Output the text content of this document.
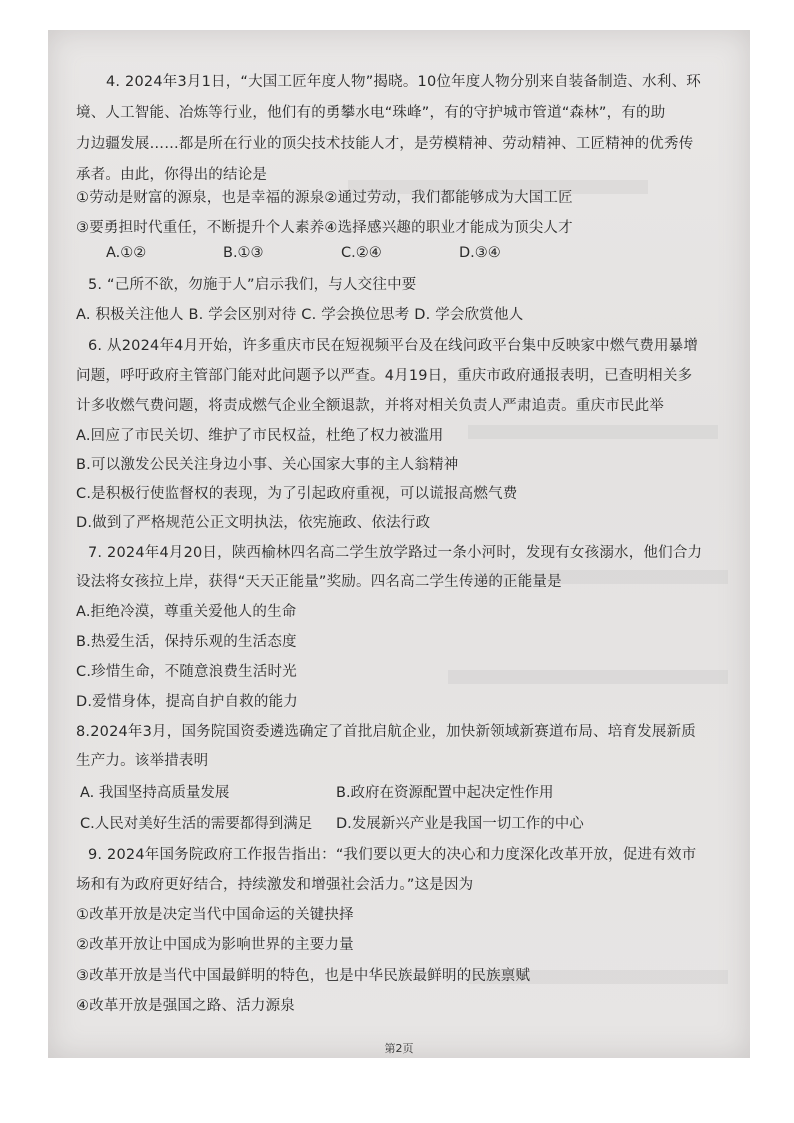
4. 2024年3月1日，“大国工匠年度人物”揭晓。10位年度人物分别来自装备制造、水利、环
境、人工智能、冶炼等行业，他们有的勇攀水电“珠峰”，有的守护城市管道“森林”，有的助
力边疆发展……都是所在行业的顶尖技术技能人才，是劳模精神、劳动精神、工匠精神的优秀传
承者。由此，你得出的结论是
①劳动是财富的源泉，也是幸福的源泉②通过劳动，我们都能够成为大国工匠
③要勇担时代重任，不断提升个人素养④选择感兴趣的职业才能成为顶尖人才
A.①②	B.①③	C.②④	D.③④
5. “己所不欲，勿施于人”启示我们，与人交往中要
A. 积极关注他人 B. 学会区别对待 C. 学会换位思考 D. 学会欣赏他人
6. 从2024年4月开始，许多重庆市民在短视频平台及在线问政平台集中反映家中燃气费用暴增
问题，呼吁政府主管部门能对此问题予以严查。4月19日，重庆市政府通报表明，已查明相关多
计多收燃气费问题，将责成燃气企业全额退款，并将对相关负责人严肃追责。重庆市民此举
A.回应了市民关切、维护了市民权益，杜绝了权力被滥用
B.可以激发公民关注身边小事、关心国家大事的主人翁精神
C.是积极行使监督权的表现，为了引起政府重视，可以谎报高燃气费
D.做到了严格规范公正文明执法，依宪施政、依法行政
7. 2024年4月20日，陕西榆林四名高二学生放学路过一条小河时，发现有女孩溺水，他们合力
设法将女孩拉上岸，获得“天天正能量”奖励。四名高二学生传递的正能量是
A.拒绝冷漠，尊重关爱他人的生命
B.热爱生活，保持乐观的生活态度
C.珍惜生命，不随意浪费生活时光
D.爱惜身体，提高自护自救的能力
8.2024年3月，国务院国资委遴选确定了首批启航企业，加快新领域新赛道布局、培育发展新质
生产力。该举措表明
A. 我国坚持高质量发展	B.政府在资源配置中起决定性作用
C.人民对美好生活的需要都得到满足	D.发展新兴产业是我国一切工作的中心
9. 2024年国务院政府工作报告指出：“我们要以更大的决心和力度深化改革开放，促进有效市
场和有为政府更好结合，持续激发和增强社会活力。”这是因为
①改革开放是决定当代中国命运的关键抉择
②改革开放让中国成为影响世界的主要力量
③改革开放是当代中国最鲜明的特色，也是中华民族最鲜明的民族禀赋
④改革开放是强国之路、活力源泉
第2页
